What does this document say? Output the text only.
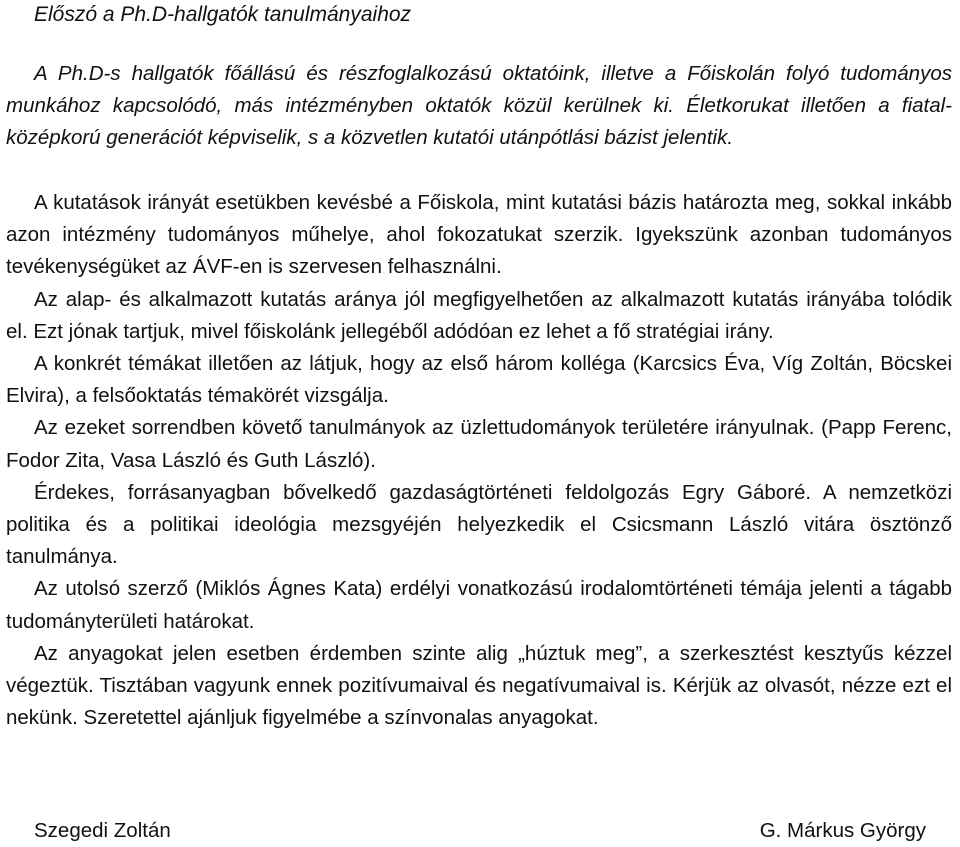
Előszó a Ph.D-hallgatók tanulmányaihoz

A Ph.D-s hallgatók főállású és részfoglalkozású oktatóink, illetve a Főiskolán folyó tudományos munkához kapcsolódó, más intézményben oktatók közül kerülnek ki. Életkorukat illetően a fiatal-középkorú generációt képviselik, s a közvetlen kutatói utánpótlási bázist jelentik.

A kutatások irányát esetükben kevésbé a Főiskola, mint kutatási bázis határozta meg, sokkal inkább azon intézmény tudományos műhelye, ahol fokozatukat szerzik. Igyekszünk azonban tudományos tevékenységüket az ÁVF-en is szervesen felhasználni.

Az alap- és alkalmazott kutatás aránya jól megfigyelhetően az alkalmazott kutatás irányába tolódik el. Ezt jónak tartjuk, mivel főiskolánk jellegéből adódóan ez lehet a fő stratégiai irány.

A konkrét témákat illetően az látjuk, hogy az első három kolléga (Karcsics Éva, Víg Zoltán, Böcskei Elvira), a felsőoktatás témakörét vizsgálja.

Az ezeket sorrendben követő tanulmányok az üzlettudományok területére irányulnak. (Papp Ferenc, Fodor Zita, Vasa László és Guth László).

Érdekes, forrásanyagban bővelkedő gazdaságtörténeti feldolgozás Egry Gáboré. A nemzetközi politika és a politikai ideológia mezsgyéjén helyezkedik el Csicsmann László vitára ösztönző tanulmánya.

Az utolsó szerző (Miklós Ágnes Kata) erdélyi vonatkozású irodalomtörténeti témája jelenti a tágabb tudományterületi határokat.

Az anyagokat jelen esetben érdemben szinte alig „húztuk meg”, a szerkesztést kesztyűs kézzel végeztük. Tisztában vagyunk ennek pozitívumaival és negatívumaival is. Kérjük az olvasót, nézze ezt el nekünk. Szeretettel ajánljuk figyelmébe a színvonalas anyagokat.

Szegedi Zoltán	G. Márkus György
